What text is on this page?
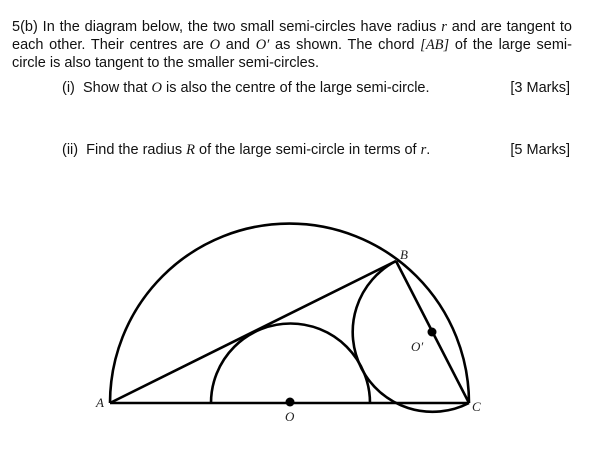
5(b) In the diagram below, the two small semi-circles have radius r and are tangent to each other. Their centres are O and O′ as shown. The chord [AB] of the large semi-circle is also tangent to the smaller semi-circles.
(i) Show that O is also the centre of the large semi-circle.	[3 Marks]
(ii) Find the radius R of the large semi-circle in terms of r.	[5 Marks]
A
B
C
O
O′
